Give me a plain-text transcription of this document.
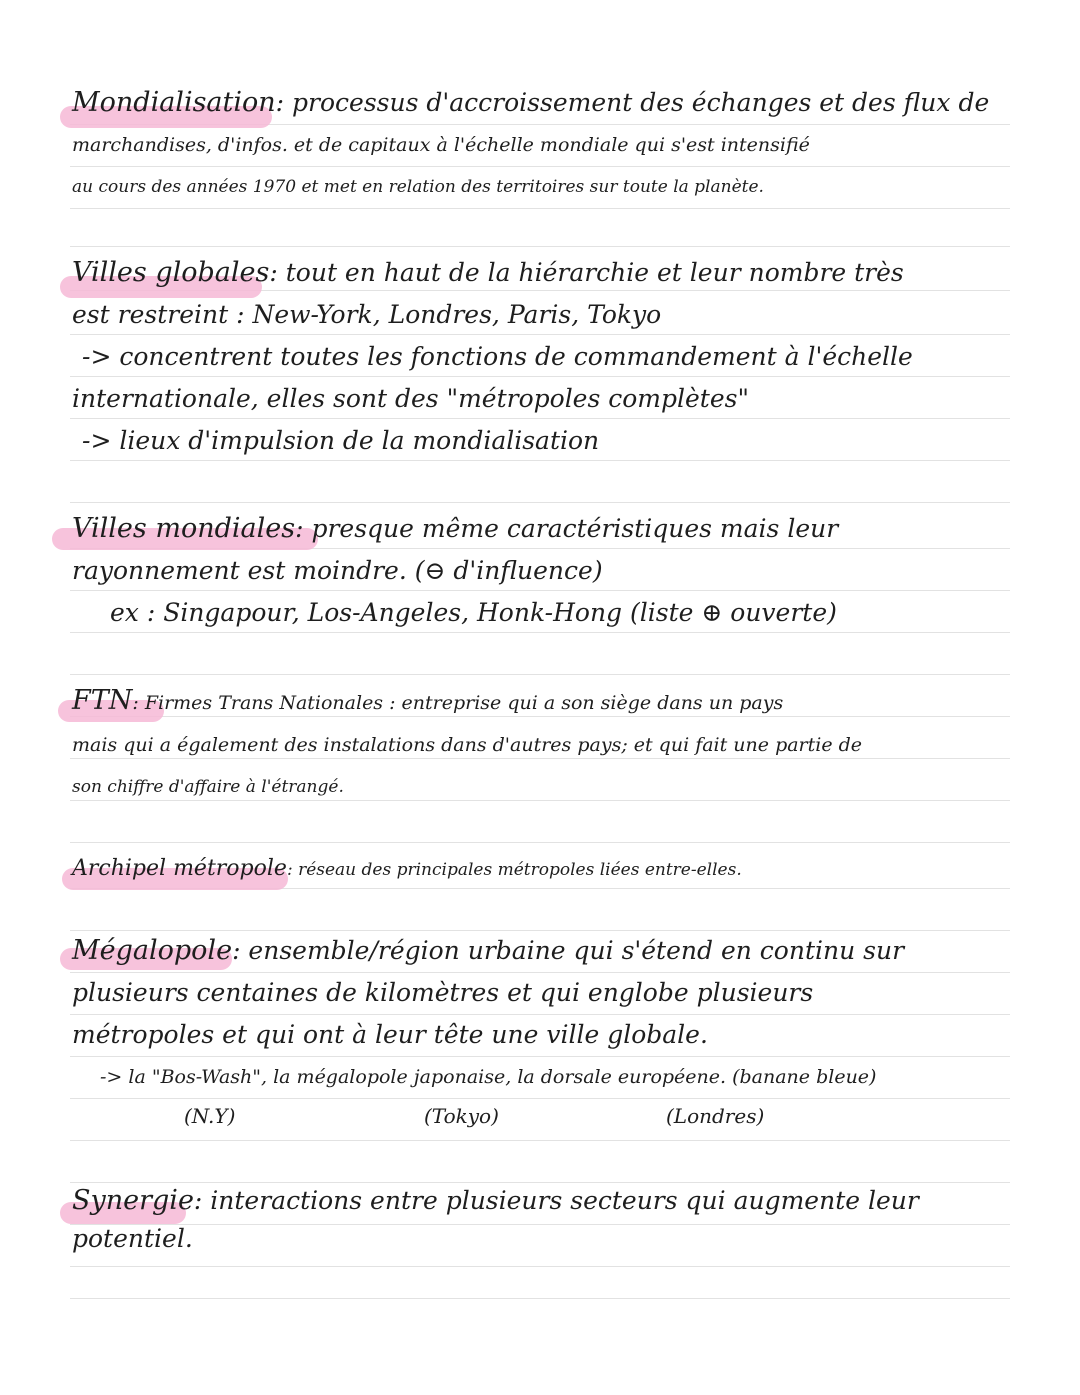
Mondialisation: processus d'accroissement des échanges et des flux de
marchandises, d'infos. et de capitaux à l'échelle mondiale qui s'est intensifié
au cours des années 1970 et met en relation des territoires sur toute la planète.
Villes globales: tout en haut de la hiérarchie et leur nombre très
est restreint : New-York, Londres, Paris, Tokyo
-> concentrent toutes les fonctions de commandement à l'échelle
internationale, elles sont des "métropoles complètes"
-> lieux d'impulsion de la mondialisation
Villes mondiales: presque même caractéristiques mais leur
rayonnement est moindre. (⊖ d'influence)
ex : Singapour, Los-Angeles, Honk-Hong (liste ⊕ ouverte)
FTN: Firmes Trans Nationales : entreprise qui a son siège dans un pays
mais qui a également des instalations dans d'autres pays; et qui fait une partie de
son chiffre d'affaire à l'étrangé.
Archipel métropole: réseau des principales métropoles liées entre-elles.
Mégalopole: ensemble/région urbaine qui s'étend en continu sur
plusieurs centaines de kilomètres et qui englobe plusieurs
métropoles et qui ont à leur tête une ville globale.
-> la "Bos-Wash", la mégalopole japonaise, la dorsale européene. (banane bleue)
(N.Y)	(Tokyo)	(Londres)
Synergie: interactions entre plusieurs secteurs qui augmente leur
potentiel.
